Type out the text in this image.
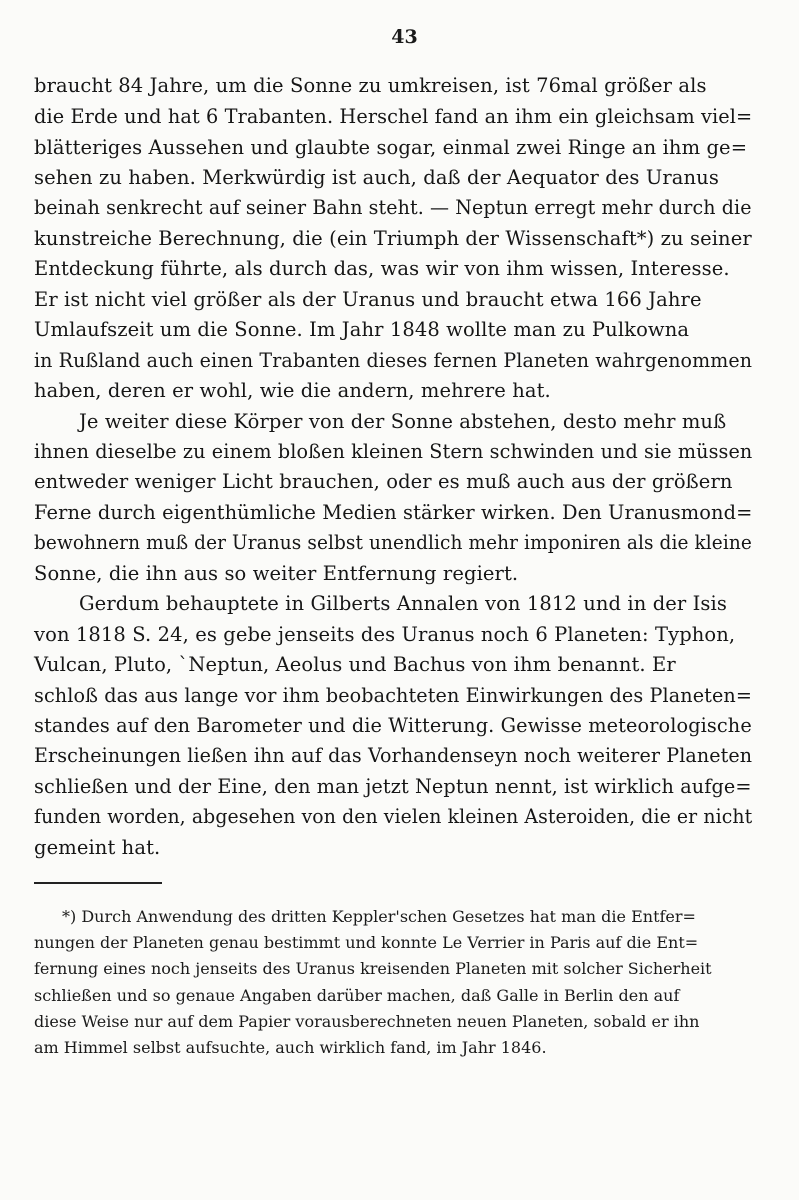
43

braucht 84 Jahre, um die Sonne zu umkreisen, ist 76mal größer als

die Erde und hat 6 Trabanten. Herschel fand an ihm ein gleichsam viel=

blätteriges Aussehen und glaubte sogar, einmal zwei Ringe an ihm ge=

sehen zu haben. Merkwürdig ist auch, daß der Aequator des Uranus

beinah senkrecht auf seiner Bahn steht. — Neptun erregt mehr durch die

kunstreiche Berechnung, die (ein Triumph der Wissenschaft*) zu seiner

Entdeckung führte, als durch das, was wir von ihm wissen, Interesse.

Er ist nicht viel größer als der Uranus und braucht etwa 166 Jahre

Umlaufszeit um die Sonne. Im Jahr 1848 wollte man zu Pulkowna

in Rußland auch einen Trabanten dieses fernen Planeten wahrgenommen

haben, deren er wohl, wie die andern, mehrere hat.

Je weiter diese Körper von der Sonne abstehen, desto mehr muß

ihnen dieselbe zu einem bloßen kleinen Stern schwinden und sie müssen

entweder weniger Licht brauchen, oder es muß auch aus der größern

Ferne durch eigenthümliche Medien stärker wirken. Den Uranusmond=

bewohnern muß der Uranus selbst unendlich mehr imponiren als die kleine

Sonne, die ihn aus so weiter Entfernung regiert.

Gerdum behauptete in Gilberts Annalen von 1812 und in der Isis

von 1818 S. 24, es gebe jenseits des Uranus noch 6 Planeten: Typhon,

Vulcan, Pluto, `Neptun, Aeolus und Bachus von ihm benannt. Er

schloß das aus lange vor ihm beobachteten Einwirkungen des Planeten=

standes auf den Barometer und die Witterung. Gewisse meteorologische

Erscheinungen ließen ihn auf das Vorhandenseyn noch weiterer Planeten

schließen und der Eine, den man jetzt Neptun nennt, ist wirklich aufge=

funden worden, abgesehen von den vielen kleinen Asteroiden, die er nicht

gemeint hat.

*) Durch Anwendung des dritten Keppler'schen Gesetzes hat man die Entfer=

nungen der Planeten genau bestimmt und konnte Le Verrier in Paris auf die Ent=

fernung eines noch jenseits des Uranus kreisenden Planeten mit solcher Sicherheit

schließen und so genaue Angaben darüber machen, daß Galle in Berlin den auf

diese Weise nur auf dem Papier vorausberechneten neuen Planeten, sobald er ihn

am Himmel selbst aufsuchte, auch wirklich fand, im Jahr 1846.
